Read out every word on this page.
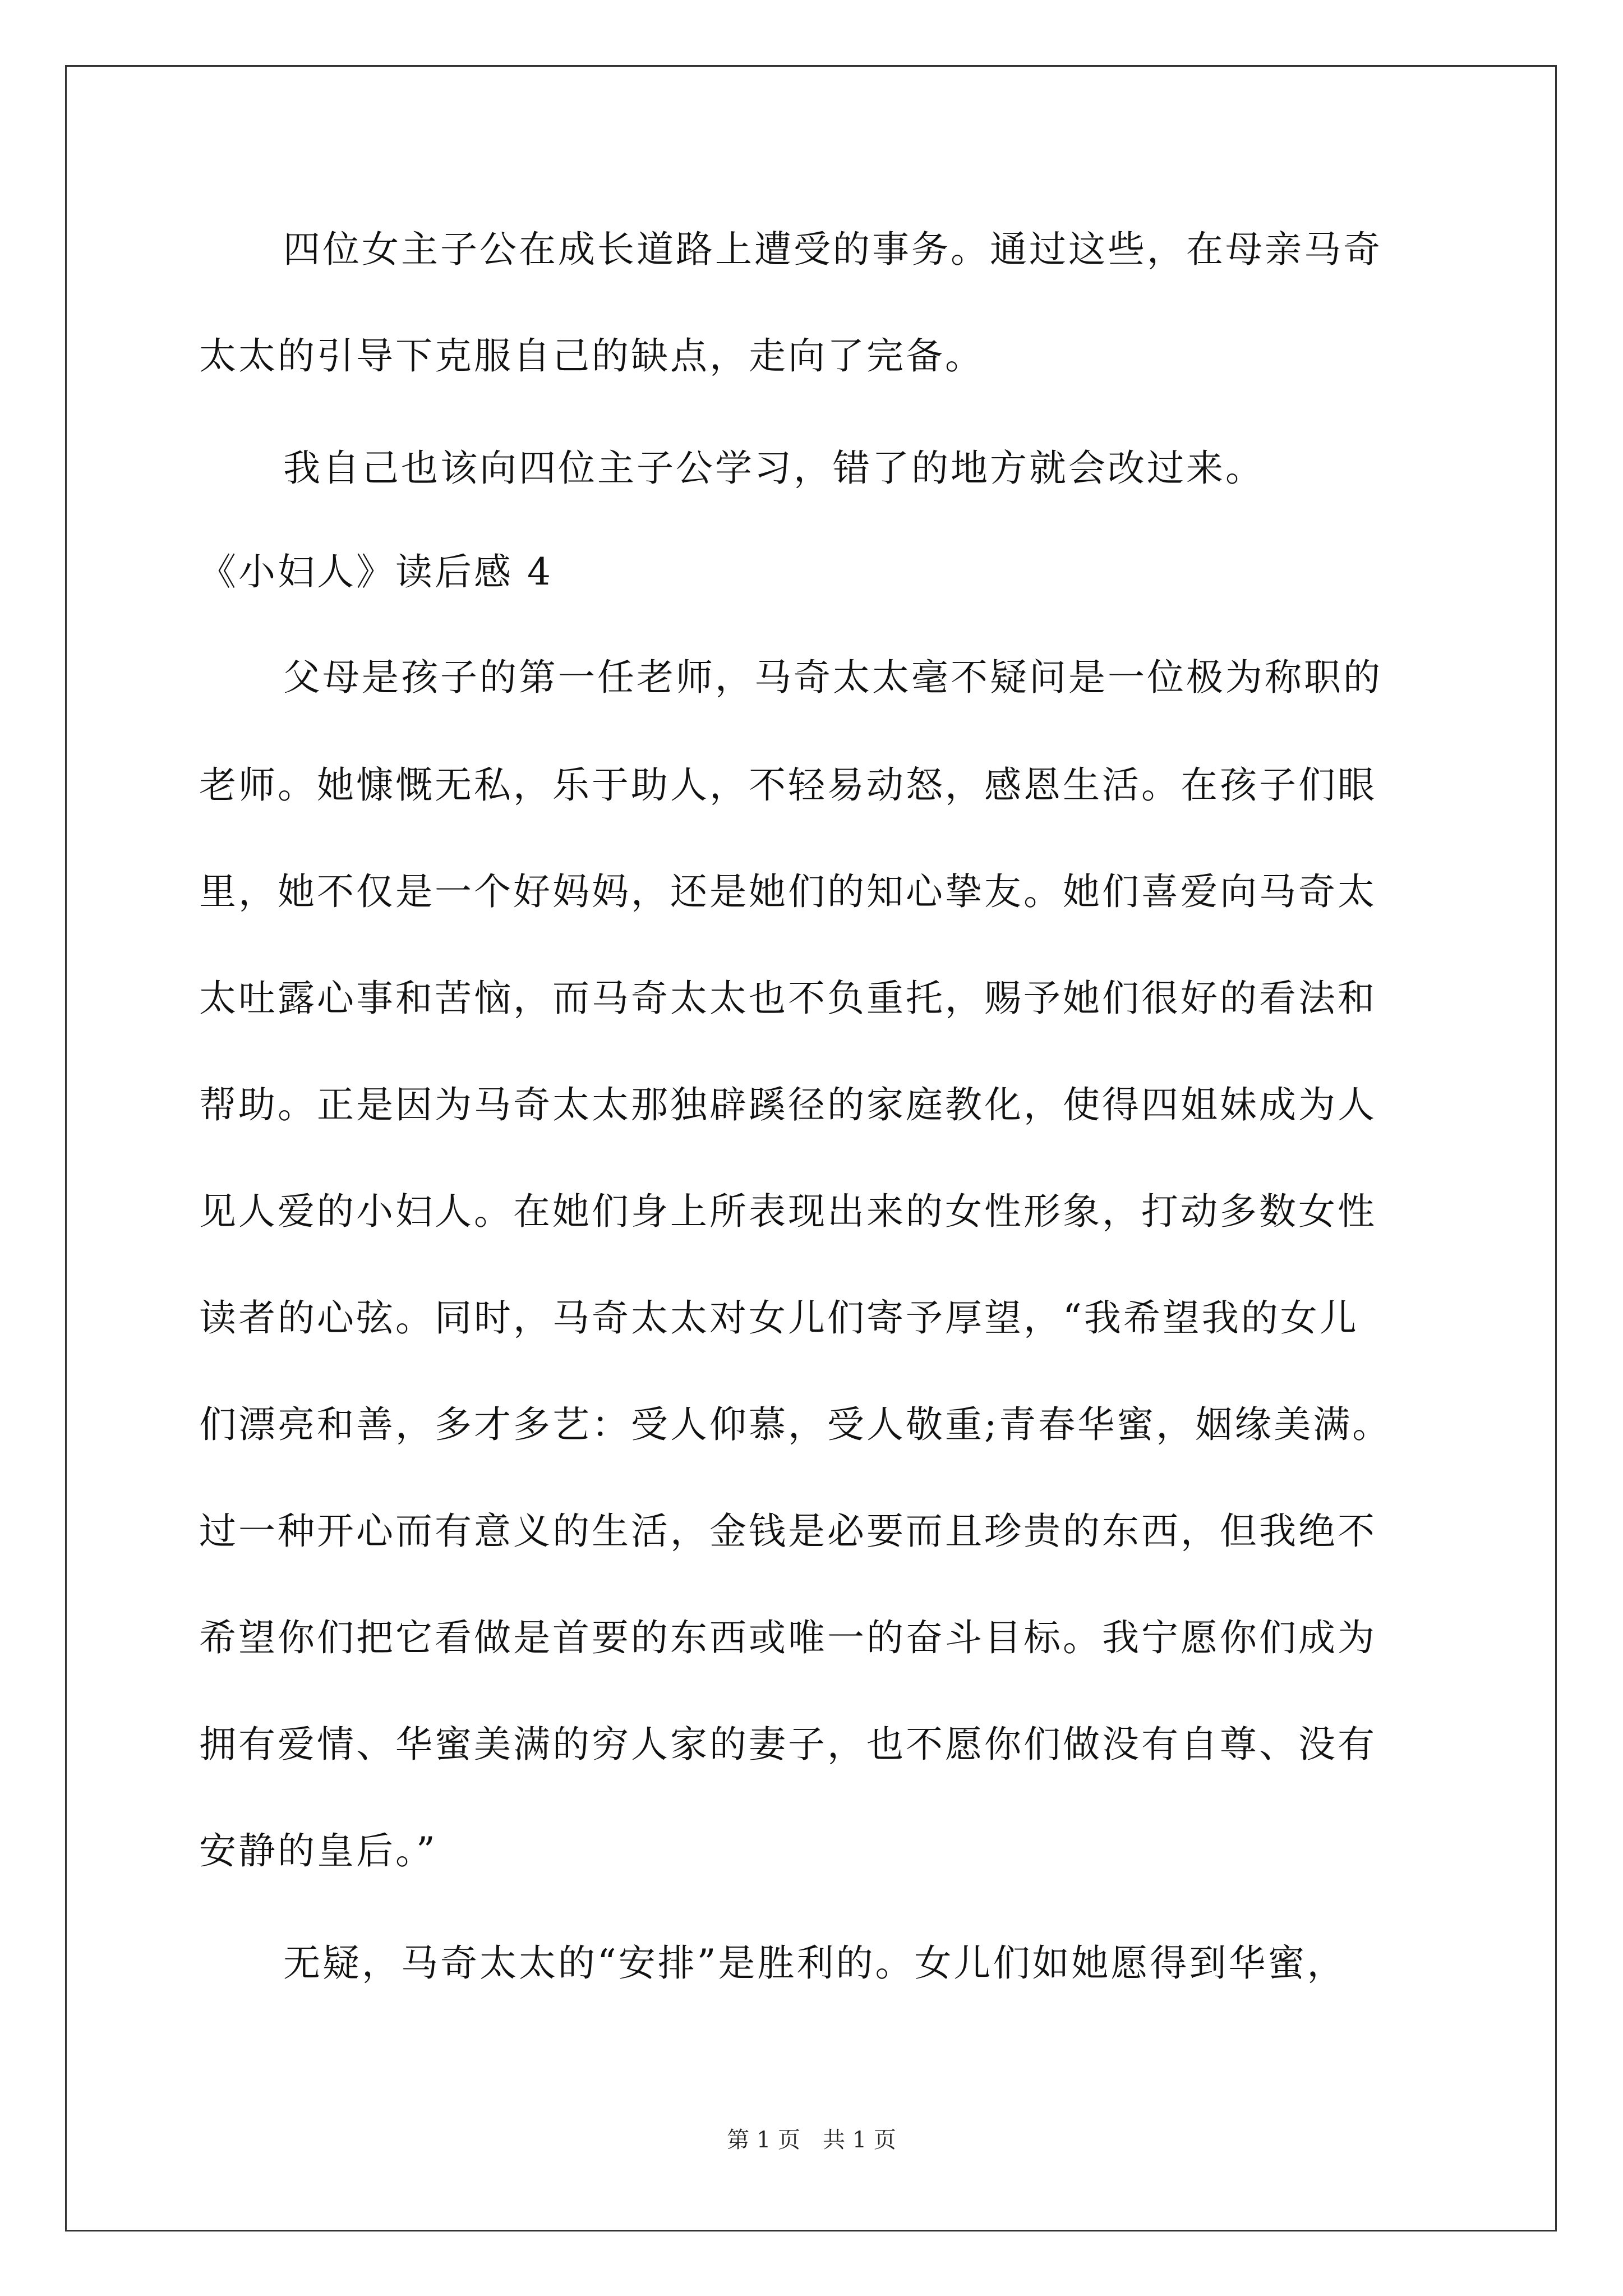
四位女主子公在成长道路上遭受的事务。通过这些，在母亲马奇
太太的引导下克服自己的缺点，走向了完备。
我自己也该向四位主子公学习，错了的地方就会改过来。
《小妇人》读后感 4
父母是孩子的第一任老师，马奇太太毫不疑问是一位极为称职的
老师。她慷慨无私，乐于助人，不轻易动怒，感恩生活。在孩子们眼
里，她不仅是一个好妈妈，还是她们的知心挚友。她们喜爱向马奇太
太吐露心事和苦恼，而马奇太太也不负重托，赐予她们很好的看法和
帮助。正是因为马奇太太那独辟蹊径的家庭教化，使得四姐妹成为人
见人爱的小妇人。在她们身上所表现出来的女性形象，打动多数女性
读者的心弦。同时，马奇太太对女儿们寄予厚望，“我希望我的女儿
们漂亮和善，多才多艺：受人仰慕，受人敬重;青春华蜜，姻缘美满。
过一种开心而有意义的生活，金钱是必要而且珍贵的东西，但我绝不
希望你们把它看做是首要的东西或唯一的奋斗目标。我宁愿你们成为
拥有爱情、华蜜美满的穷人家的妻子，也不愿你们做没有自尊、没有
安静的皇后。”
无疑，马奇太太的“安排”是胜利的。女儿们如她愿得到华蜜，
第 1 页 共 1 页
